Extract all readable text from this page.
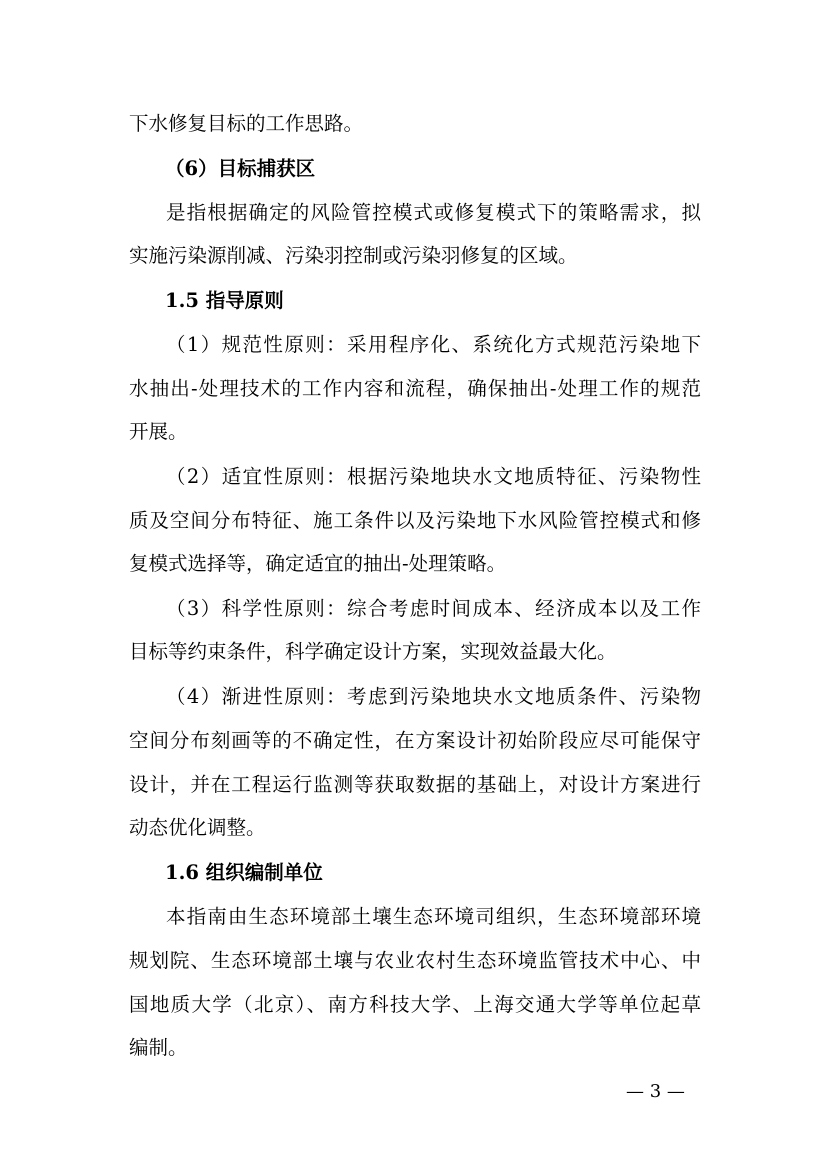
下水修复目标的工作思路。
（6）目标捕获区
是指根据确定的风险管控模式或修复模式下的策略需求，拟
实施污染源削减、污染羽控制或污染羽修复的区域。
1.5 指导原则
（1）规范性原则：采用程序化、系统化方式规范污染地下
水抽出-处理技术的工作内容和流程，确保抽出-处理工作的规范
开展。
（2）适宜性原则：根据污染地块水文地质特征、污染物性
质及空间分布特征、施工条件以及污染地下水风险管控模式和修
复模式选择等，确定适宜的抽出-处理策略。
（3）科学性原则：综合考虑时间成本、经济成本以及工作
目标等约束条件，科学确定设计方案，实现效益最大化。
（4）渐进性原则：考虑到污染地块水文地质条件、污染物
空间分布刻画等的不确定性，在方案设计初始阶段应尽可能保守
设计，并在工程运行监测等获取数据的基础上，对设计方案进行
动态优化调整。
1.6 组织编制单位
本指南由生态环境部土壤生态环境司组织，生态环境部环境
规划院、生态环境部土壤与农业农村生态环境监管技术中心、中
国地质大学（北京）、南方科技大学、上海交通大学等单位起草
编制。
— 3 —
